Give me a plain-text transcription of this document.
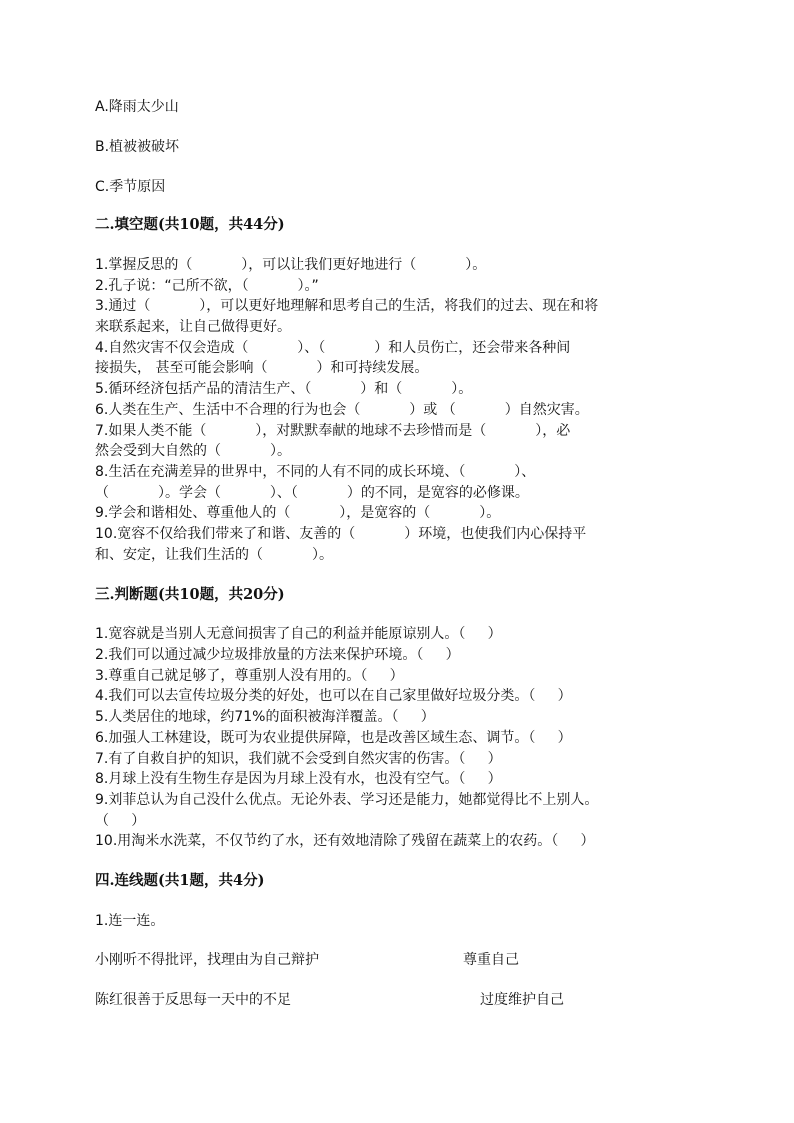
A.降雨太少山
B.植被被破坏
C.季节原因
二.填空题(共10题，共44分)
1.掌握反思的（           ），可以让我们更好地进行（           ）。
2.孔子说：“己所不欲，（           ）。”
3.通过（           ），可以更好地理解和思考自己的生活，将我们的过去、现在和将
来联系起来，让自己做得更好。
4.自然灾害不仅会造成（           ）、（           ）和人员伤亡，还会带来各种间
接损失， 甚至可能会影响（           ）和可持续发展。
5.循环经济包括产品的清洁生产、（           ）和（           ）。
6.人类在生产、生活中不合理的行为也会（           ）或 （           ）自然灾害。
7.如果人类不能（           ），对默默奉献的地球不去珍惜而是（           ），必
然会受到大自然的（           ）。
8.生活在充满差异的世界中，不同的人有不同的成长环境、（           ）、
（           ）。学会（           ）、（           ）的不同，是宽容的必修课。
9.学会和谐相处、尊重他人的（           ），是宽容的（           ）。
10.宽容不仅给我们带来了和谐、友善的（           ）环境，也使我们内心保持平
和、安定，让我们生活的（           ）。
三.判断题(共10题，共20分)
1.宽容就是当别人无意间损害了自己的利益并能原谅别人。（     ）
2.我们可以通过减少垃圾排放量的方法来保护环境。（     ）
3.尊重自己就足够了，尊重别人没有用的。（     ）
4.我们可以去宣传垃圾分类的好处，也可以在自己家里做好垃圾分类。（     ）
5.人类居住的地球，约71%的面积被海洋覆盖。（     ）
6.加强人工林建设，既可为农业提供屏障，也是改善区域生态、调节。（     ）
7.有了自救自护的知识，我们就不会受到自然灾害的伤害。（     ）
8.月球上没有生物生存是因为月球上没有水，也没有空气。（     ）
9.刘菲总认为自己没什么优点。无论外表、学习还是能力，她都觉得比不上别人。
（     ）
10.用淘米水洗菜，不仅节约了水，还有效地清除了残留在蔬菜上的农药。（     ）
四.连线题(共1题，共4分)
1.连一连。
小刚听不得批评，找理由为自己辩护	尊重自己
陈红很善于反思每一天中的不足	过度维护自己
